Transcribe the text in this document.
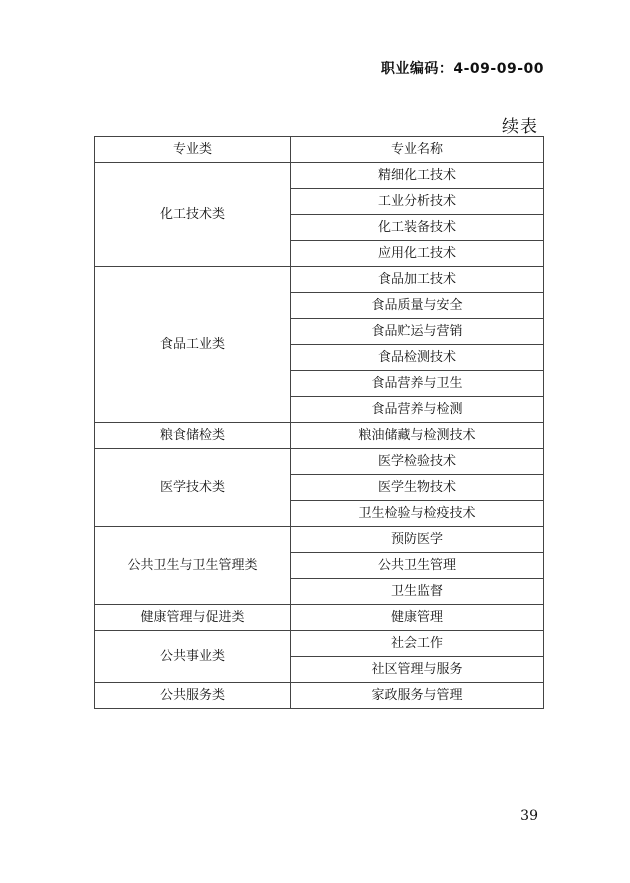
职业编码：4-09-09-00
续表
专业类	专业名称
化工技术类	精细化工技术
	工业分析技术
	化工装备技术
	应用化工技术
食品工业类	食品加工技术
	食品质量与安全
	食品贮运与营销
	食品检测技术
	食品营养与卫生
	食品营养与检测
粮食储检类	粮油储藏与检测技术
医学技术类	医学检验技术
	医学生物技术
	卫生检验与检疫技术
公共卫生与卫生管理类	预防医学
	公共卫生管理
	卫生监督
健康管理与促进类	健康管理
公共事业类	社会工作
	社区管理与服务
公共服务类	家政服务与管理
39
